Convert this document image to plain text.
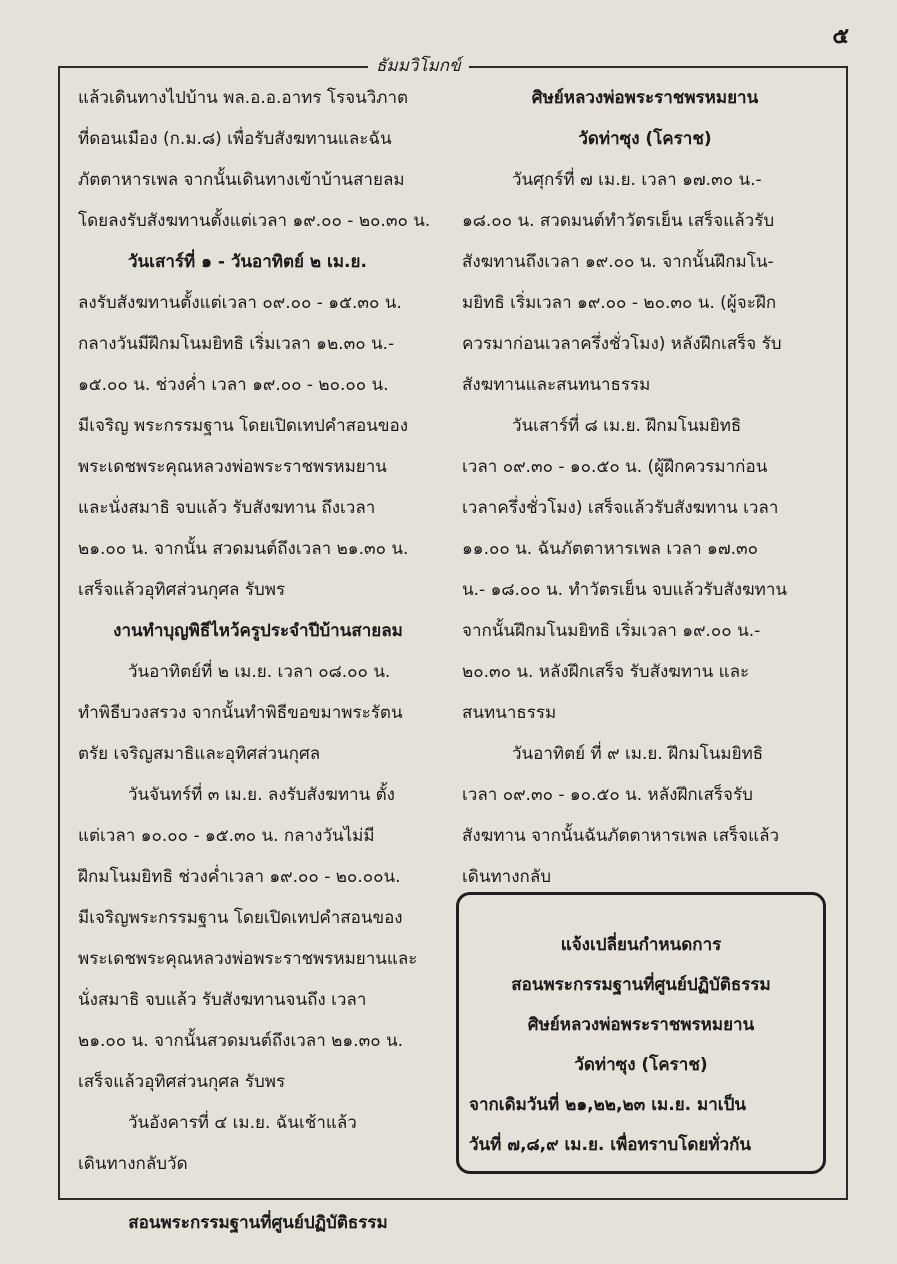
๕
ธัมมวิโมกข์
แล้วเดินทางไปบ้าน พล.อ.อ.อาทร โรจนวิภาต
ที่ดอนเมือง (ก.ม.๘) เพื่อรับสังฆทานและฉัน
ภัตตาหารเพล จากนั้นเดินทางเข้าบ้านสายลม
โดยลงรับสังฆทานตั้งแต่เวลา ๑๙.๐๐ - ๒๐.๓๐ น.
วันเสาร์ที่ ๑ - วันอาทิตย์ ๒ เม.ย.
ลงรับสังฆทานตั้งแต่เวลา ๐๙.๐๐ - ๑๕.๓๐ น.
กลางวันมีฝึกมโนมยิทธิ เริ่มเวลา ๑๒.๓๐ น.-
๑๕.๐๐ น. ช่วงค่ำ เวลา ๑๙.๐๐ - ๒๐.๐๐ น.
มีเจริญ พระกรรมฐาน โดยเปิดเทปคำสอนของ
พระเดชพระคุณหลวงพ่อพระราชพรหมยาน
และนั่งสมาธิ จบแล้ว รับสังฆทาน ถึงเวลา
๒๑.๐๐ น. จากนั้น สวดมนต์ถึงเวลา ๒๑.๓๐ น.
เสร็จแล้วอุทิศส่วนกุศล รับพร
งานทำบุญพิธีไหว้ครูประจำปีบ้านสายลม
วันอาทิตย์ที่ ๒ เม.ย. เวลา ๐๘.๐๐ น.
ทำพิธีบวงสรวง จากนั้นทำพิธีขอขมาพระรัตน
ตรัย เจริญสมาธิและอุทิศส่วนกุศล
วันจันทร์ที่ ๓ เม.ย. ลงรับสังฆทาน ตั้ง
แต่เวลา ๑๐.๐๐ - ๑๕.๓๐ น. กลางวันไม่มี
ฝึกมโนมยิทธิ ช่วงค่ำเวลา ๑๙.๐๐ - ๒๐.๐๐น.
มีเจริญพระกรรมฐาน โดยเปิดเทปคำสอนของ
พระเดชพระคุณหลวงพ่อพระราชพรหมยานและ
นั่งสมาธิ จบแล้ว รับสังฆทานจนถึง เวลา
๒๑.๐๐ น. จากนั้นสวดมนต์ถึงเวลา ๒๑.๓๐ น.
เสร็จแล้วอุทิศส่วนกุศล รับพร
วันอังคารที่ ๔ เม.ย. ฉันเช้าแล้ว
เดินทางกลับวัด
สอนพระกรรมฐานที่ศูนย์ปฏิบัติธรรม
ศิษย์หลวงพ่อพระราชพรหมยาน
วัดท่าซุง (โคราช)
วันศุกร์ที่ ๗ เม.ย. เวลา ๑๗.๓๐ น.-
๑๘.๐๐ น. สวดมนต์ทำวัตรเย็น เสร็จแล้วรับ
สังฆทานถึงเวลา ๑๙.๐๐ น. จากนั้นฝึกมโน-
มยิทธิ เริ่มเวลา ๑๙.๐๐ - ๒๐.๓๐ น. (ผู้จะฝึก
ควรมาก่อนเวลาครึ่งชั่วโมง) หลังฝึกเสร็จ รับ
สังฆทานและสนทนาธรรม
วันเสาร์ที่ ๘ เม.ย. ฝึกมโนมยิทธิ
เวลา ๐๙.๓๐ - ๑๐.๕๐ น. (ผู้ฝึกควรมาก่อน
เวลาครึ่งชั่วโมง) เสร็จแล้วรับสังฆทาน เวลา
๑๑.๐๐ น. ฉันภัตตาหารเพล เวลา ๑๗.๓๐
น.- ๑๘.๐๐ น. ทำวัตรเย็น จบแล้วรับสังฆทาน
จากนั้นฝึกมโนมยิทธิ เริ่มเวลา ๑๙.๐๐ น.-
๒๐.๓๐ น. หลังฝึกเสร็จ รับสังฆทาน และ
สนทนาธรรม
วันอาทิตย์ ที่ ๙ เม.ย. ฝึกมโนมยิทธิ
เวลา ๐๙.๓๐ - ๑๐.๕๐ น. หลังฝึกเสร็จรับ
สังฆทาน จากนั้นฉันภัตตาหารเพล เสร็จแล้ว
เดินทางกลับ
แจ้งเปลี่ยนกำหนดการ
สอนพระกรรมฐานที่ศูนย์ปฏิบัติธรรม
ศิษย์หลวงพ่อพระราชพรหมยาน
วัดท่าซุง (โคราช)
จากเดิมวันที่ ๒๑,๒๒,๒๓ เม.ย. มาเป็น
วันที่ ๗,๘,๙ เม.ย. เพื่อทราบโดยทั่วกัน
